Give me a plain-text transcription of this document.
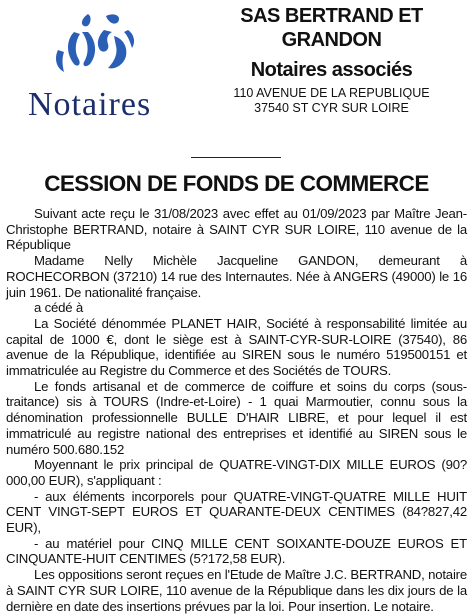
Notaires
SAS BERTRAND ET GRANDON
Notaires associés
110 AVENUE DE LA REPUBLIQUE
37540 ST CYR SUR LOIRE
CESSION DE FONDS DE COMMERCE

Suivant acte reçu le 31/08/2023 avec effet au 01/09/2023 par Maître Jean-Christophe BERTRAND, notaire à SAINT CYR SUR LOIRE, 110 avenue de la République

Madame Nelly Michèle Jacqueline GANDON, demeurant à ROCHECORBON (37210) 14 rue des Internautes. Née à ANGERS (49000) le 16 juin 1961. De nationalité française.

a cédé à

La Société dénommée PLANET HAIR, Société à responsabilité limitée au capital de 1000 €, dont le siège est à SAINT-CYR-SUR-LOIRE (37540), 86 avenue de la République, identifiée au SIREN sous le numéro 519500151 et immatriculée au Registre du Commerce et des Sociétés de TOURS.

Le fonds artisanal et de commerce de coiffure et soins du corps (sous-traitance) sis à TOURS (Indre-et-Loire) - 1 quai Marmoutier, connu sous la dénomination professionnelle BULLE D'HAIR LIBRE, et pour lequel il est immatriculé au registre national des entreprises et identifié au SIREN sous le numéro 500.680.152

Moyennant le prix principal de QUATRE-VINGT-DIX MILLE EUROS (90?000,00 EUR), s'appliquant :

- aux éléments incorporels pour QUATRE-VINGT-QUATRE MILLE HUIT CENT VINGT-SEPT EUROS ET QUARANTE-DEUX CENTIMES (84?827,42 EUR),

- au matériel pour CINQ MILLE CENT SOIXANTE-DOUZE EUROS ET CINQUANTE-HUIT CENTIMES (5?172,58 EUR).

Les oppositions seront reçues en l'Etude de Maître J.C. BERTRAND, notaire à SAINT CYR SUR LOIRE, 110 avenue de la République dans les dix jours de la dernière en date des insertions prévues par la loi. Pour insertion. Le notaire.
